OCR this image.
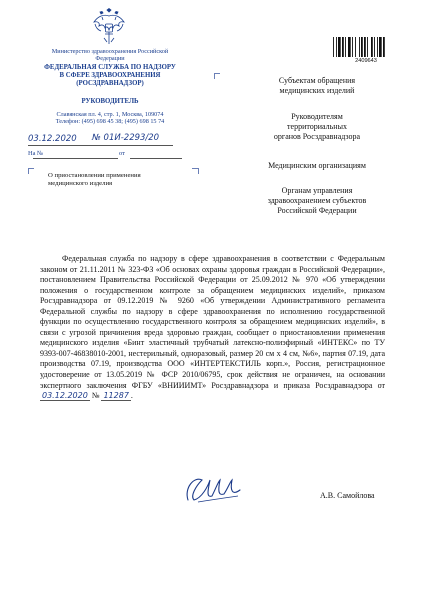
Министерство здравоохранения Российской Федерации
ФЕДЕРАЛЬНАЯ СЛУЖБА ПО НАДЗОРУ
В СФЕРЕ ЗДРАВООХРАНЕНИЯ
(РОСЗДРАВНАДЗОР)
РУКОВОДИТЕЛЬ
Славянская пл. 4, стр. 1, Москва, 109074
Телефон: (495) 698 45 38; (495) 698 15 74
03.12.2020 № 01И-2293/20
На №	от
О приостановлении применения
медицинского изделия
2409643
Субъектам обращения
медицинских изделий
Руководителям
территориальных
органов Росздравнадзора
Медицинским организациям
Органам управления
здравоохранением субъектов
Российской Федерации
Федеральная служба по надзору в сфере здравоохранения в соответствии с Федеральным законом от 21.11.2011 № 323-ФЗ «Об основах охраны здоровья граждан в Российской Федерации», постановлением Правительства Российской Федерации от 25.09.2012 № 970 «Об утверждении положения о государственном контроле за обращением медицинских изделий», приказом Росздравнадзора от 09.12.2019 № 9260 «Об утверждении Административного регламента Федеральной службы по надзору в сфере здравоохранения по исполнению государственной функции по осуществлению государственного контроля за обращением медицинских изделий», в связи с угрозой причинения вреда здоровью граждан, сообщает о приостановлении применения медицинского изделия «Бинт эластичный трубчатый латексно-полиэфирный «ИНТЕКС» по ТУ 9393-007-46838010-2001, нестерильный, одноразовый, размер 20 см х 4 см, №6», партия 07.19, дата производства 07.19, производства ООО «ИНТЕРТЕКСТИЛЬ корп.», Россия, регистрационное удостоверение от 13.05.2019 № ФСР 2010/06795, срок действия не ограничен, на основании экспертного заключения ФГБУ «ВНИИИМТ» Росздравнадзора и приказа Росздравнадзора от 03.12.2020 № 11287 .
А.В. Самойлова
